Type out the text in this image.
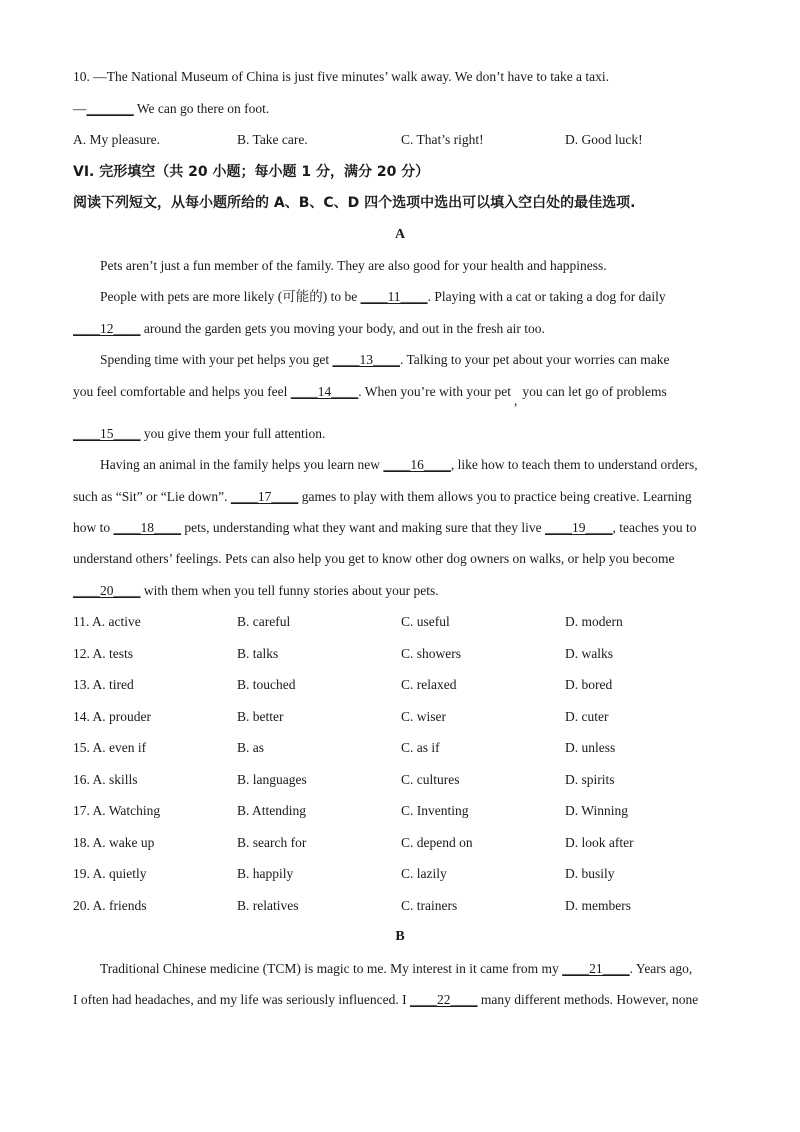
10. —The National Museum of China is just five minutes’ walk away. We don’t have to take a taxi.
—_______ We can go there on foot.
A. My pleasure.	B. Take care.	C. That’s right!	D. Good luck!
VI. 完形填空（共 20 小题；每小题 1 分，满分 20 分）
阅读下列短文，从每小题所给的 A、B、C、D 四个选项中选出可以填入空白处的最佳选项.
A
Pets aren’t just a fun member of the family. They are also good for your health and happiness.
People with pets are more likely (可能的) to be ____11____. Playing with a cat or taking a dog for daily
____12____ around the garden gets you moving your body, and out in the fresh air too.
Spending time with your pet helps you get ____13____. Talking to your pet about your worries can make
you feel comfortable and helps you feel ____14____. When you’re with your pet,you can let go of problems
____15____ you give them your full attention.
Having an animal in the family helps you learn new ____16____, like how to teach them to understand orders,
such as “Sit” or “Lie down”. ____17____ games to play with them allows you to practice being creative. Learning
how to ____18____ pets, understanding what they want and making sure that they live ____19____, teaches you to
understand others’ feelings. Pets can also help you get to know other dog owners on walks, or help you become
____20____ with them when you tell funny stories about your pets.
11. A. active	B. careful	C. useful	D. modern
12. A. tests	B. talks	C. showers	D. walks
13. A. tired	B. touched	C. relaxed	D. bored
14. A. prouder	B. better	C. wiser	D. cuter
15. A. even if	B. as	C. as if	D. unless
16. A. skills	B. languages	C. cultures	D. spirits
17. A. Watching	B. Attending	C. Inventing	D. Winning
18. A. wake up	B. search for	C. depend on	D. look after
19. A. quietly	B. happily	C. lazily	D. busily
20. A. friends	B. relatives	C. trainers	D. members
B
Traditional Chinese medicine (TCM) is magic to me. My interest in it came from my ____21____. Years ago,
I often had headaches, and my life was seriously influenced. I ____22____ many different methods. However, none
